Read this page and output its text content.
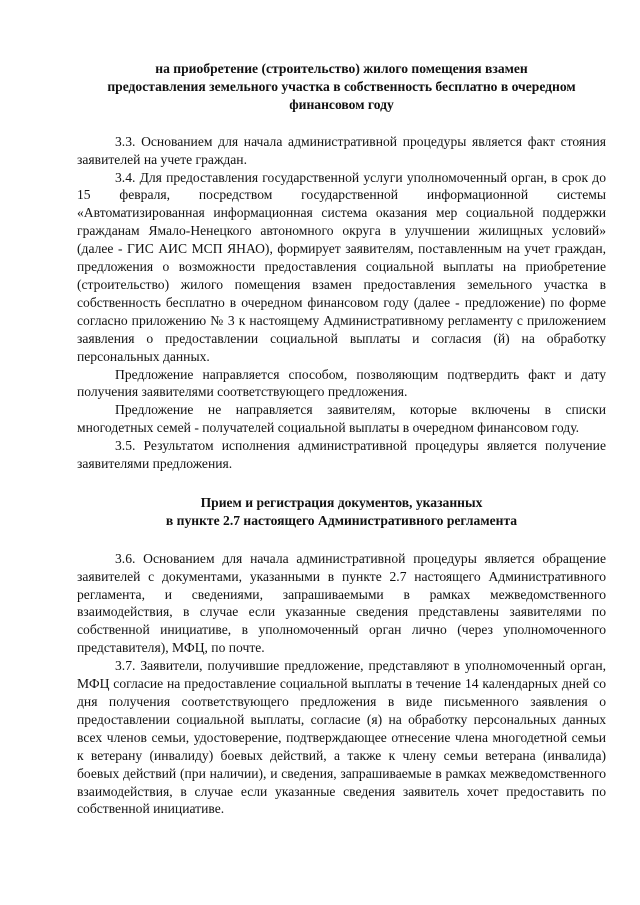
на приобретение (строительство) жилого помещения взамен
предоставления земельного участка в собственность бесплатно в очередном
финансовом году

3.3. Основанием для начала административной процедуры является факт стояния заявителей на учете граждан.

3.4. Для предоставления государственной услуги уполномоченный орган, в срок до 15 февраля, посредством государственной информационной системы «Автоматизированная информационная система оказания мер социальной поддержки гражданам Ямало-Ненецкого автономного округа в улучшении жилищных условий» (далее - ГИС АИС МСП ЯНАО), формирует заявителям, поставленным на учет граждан, предложения о возможности предоставления социальной выплаты на приобретение (строительство) жилого помещения взамен предоставления земельного участка в собственность бесплатно в очередном финансовом году (далее - предложение) по форме согласно приложению № 3 к настоящему Административному регламенту с приложением заявления о предоставлении социальной выплаты и согласия (й) на обработку персональных данных.

Предложение направляется способом, позволяющим подтвердить факт и дату получения заявителями соответствующего предложения.

Предложение не направляется заявителям, которые включены в списки многодетных семей - получателей социальной выплаты в очередном финансовом году.

3.5. Результатом исполнения административной процедуры является получение заявителями предложения.

Прием и регистрация документов, указанных
в пункте 2.7 настоящего Административного регламента

3.6. Основанием для начала административной процедуры является обращение заявителей с документами, указанными в пункте 2.7 настоящего Административного регламента, и сведениями, запрашиваемыми в рамках межведомственного взаимодействия, в случае если указанные сведения представлены заявителями по собственной инициативе, в уполномоченный орган лично (через уполномоченного представителя), МФЦ, по почте.

3.7. Заявители, получившие предложение, представляют в уполномоченный орган, МФЦ согласие на предоставление социальной выплаты в течение 14 календарных дней со дня получения соответствующего предложения в виде письменного заявления о предоставлении социальной выплаты, согласие (я) на обработку персональных данных всех членов семьи, удостоверение, подтверждающее отнесение члена многодетной семьи к ветерану (инвалиду) боевых действий, а также к члену семьи ветерана (инвалида) боевых действий (при наличии), и сведения, запрашиваемые в рамках межведомственного взаимодействия, в случае если указанные сведения заявитель хочет предоставить по собственной инициативе.
